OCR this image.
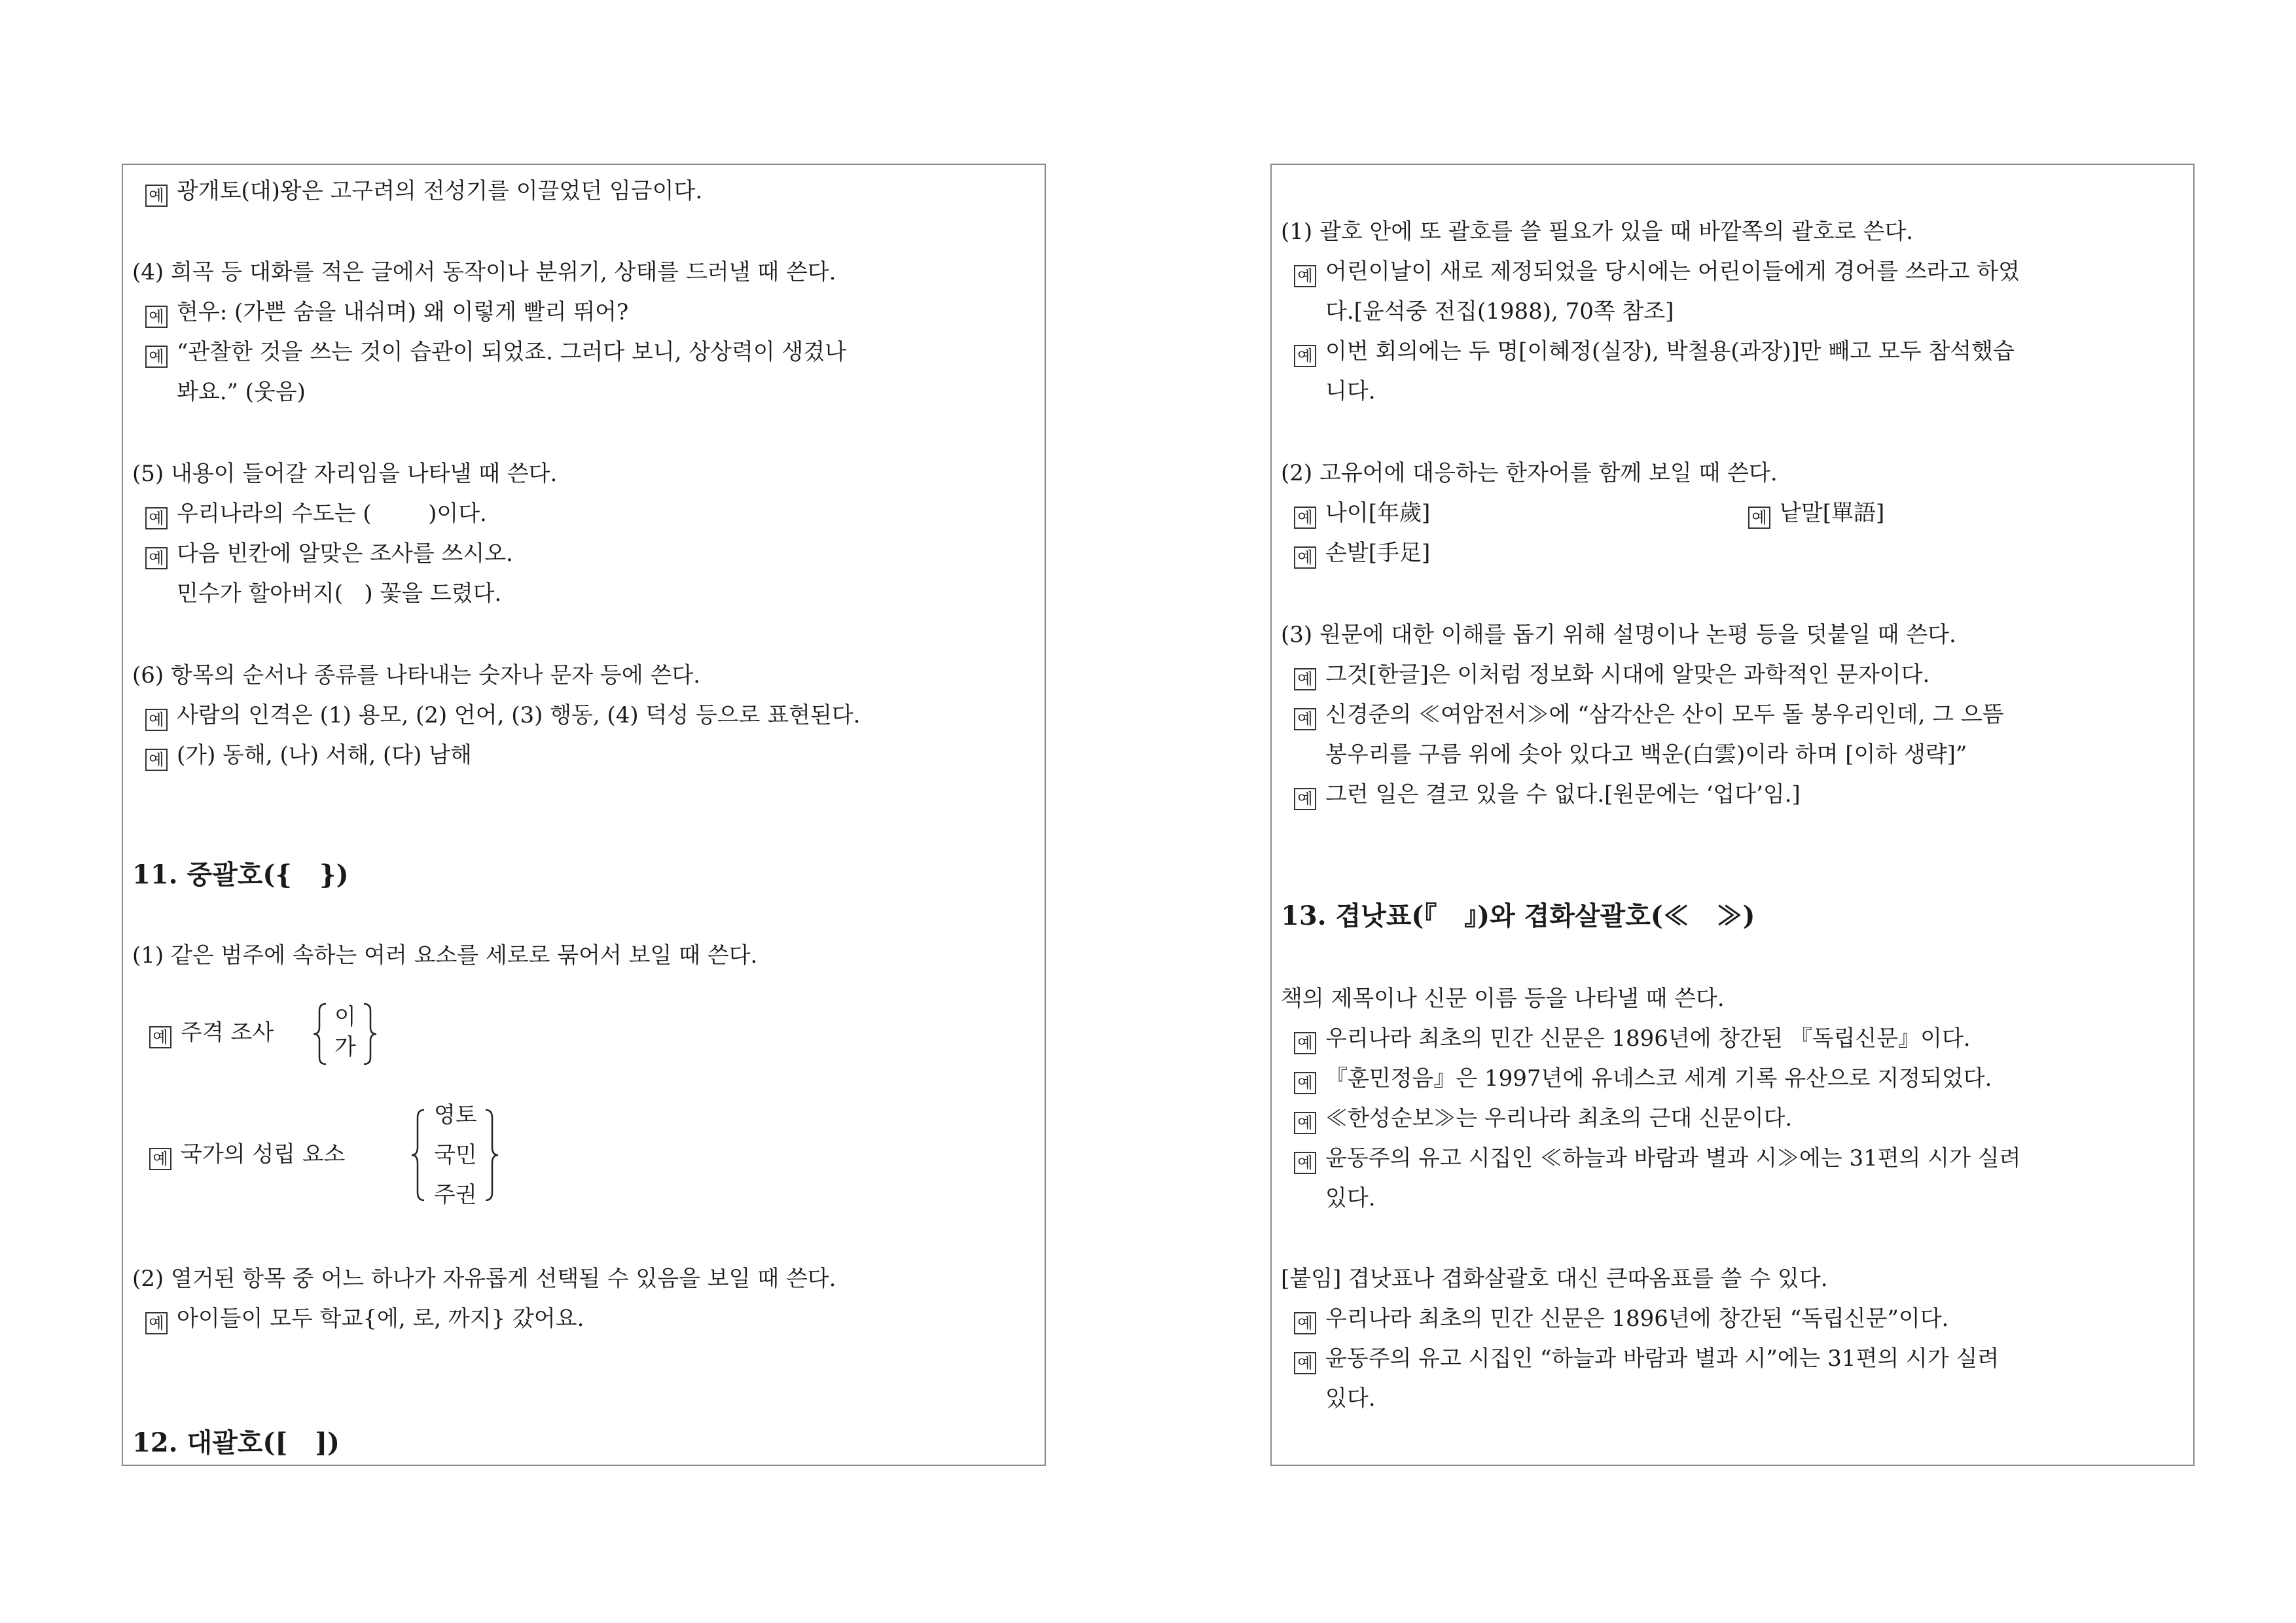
예 광개토(대)왕은 고구려의 전성기를 이끌었던 임금이다.
(4) 희곡 등 대화를 적은 글에서 동작이나 분위기, 상태를 드러낼 때 쓴다.
예 현우: (가쁜 숨을 내쉬며) 왜 이렇게 빨리 뛰어?
예 “관찰한 것을 쓰는 것이 습관이 되었죠. 그러다 보니, 상상력이 생겼나
봐요.” (웃음)
(5) 내용이 들어갈 자리임을 나타낼 때 쓴다.
예 우리나라의 수도는 (        )이다.
예 다음 빈칸에 알맞은 조사를 쓰시오.
민수가 할아버지(   ) 꽃을 드렸다.
(6) 항목의 순서나 종류를 나타내는 숫자나 문자 등에 쓴다.
예 사람의 인격은 (1) 용모, (2) 언어, (3) 행동, (4) 덕성 등으로 표현된다.
예 (가) 동해, (나) 서해, (다) 남해
11. 중괄호({   })
(1) 같은 범주에 속하는 여러 요소를 세로로 묶어서 보일 때 쓴다.
예 주격 조사
이
가
예 국가의 성립 요소
영토
국민
주권
(2) 열거된 항목 중 어느 하나가 자유롭게 선택될 수 있음을 보일 때 쓴다.
예 아이들이 모두 학교{에, 로, 까지} 갔어요.
12. 대괄호([   ])
(1) 괄호 안에 또 괄호를 쓸 필요가 있을 때 바깥쪽의 괄호로 쓴다.
예 어린이날이 새로 제정되었을 당시에는 어린이들에게 경어를 쓰라고 하였
다.[윤석중 전집(1988), 70쪽 참조]
예 이번 회의에는 두 명[이혜정(실장), 박철용(과장)]만 빼고 모두 참석했습
니다.
(2) 고유어에 대응하는 한자어를 함께 보일 때 쓴다.
예 나이[年歲]	예 낱말[單語]
예 손발[手足]
(3) 원문에 대한 이해를 돕기 위해 설명이나 논평 등을 덧붙일 때 쓴다.
예 그것[한글]은 이처럼 정보화 시대에 알맞은 과학적인 문자이다.
예 신경준의 ≪여암전서≫에 “삼각산은 산이 모두 돌 봉우리인데, 그 으뜸
봉우리를 구름 위에 솟아 있다고 백운(白雲)이라 하며 [이하 생략]”
예 그런 일은 결코 있을 수 없다.[원문에는 ‘업다’임.]
13. 겹낫표(『   』)와 겹화살괄호(≪   ≫)
책의 제목이나 신문 이름 등을 나타낼 때 쓴다.
예 우리나라 최초의 민간 신문은 1896년에 창간된 『독립신문』이다.
예 『훈민정음』은 1997년에 유네스코 세계 기록 유산으로 지정되었다.
예 ≪한성순보≫는 우리나라 최초의 근대 신문이다.
예 윤동주의 유고 시집인 ≪하늘과 바람과 별과 시≫에는 31편의 시가 실려
있다.
[붙임] 겹낫표나 겹화살괄호 대신 큰따옴표를 쓸 수 있다.
예 우리나라 최초의 민간 신문은 1896년에 창간된 “독립신문”이다.
예 윤동주의 유고 시집인 “하늘과 바람과 별과 시”에는 31편의 시가 실려
있다.
